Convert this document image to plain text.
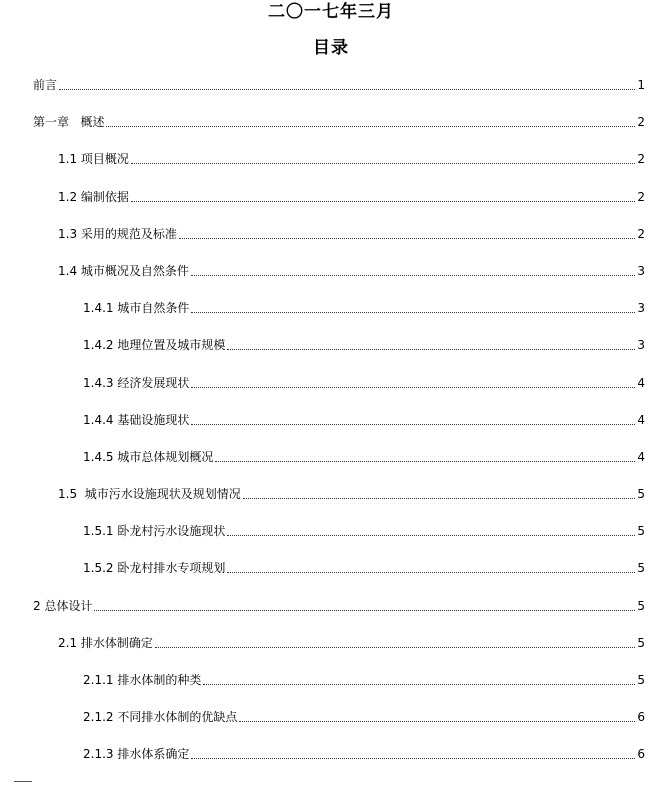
二〇一七年三月
目录
前言	1
第一章   概述	2
1.1 项目概况	2
1.2 编制依据	2
1.3 采用的规范及标准	2
1.4 城市概况及自然条件	3
1.4.1 城市自然条件	3
1.4.2 地理位置及城市规模	3
1.4.3 经济发展现状	4
1.4.4 基础设施现状	4
1.4.5 城市总体规划概况	4
1.5  城市污水设施现状及规划情况	5
1.5.1 卧龙村污水设施现状	5
1.5.2 卧龙村排水专项规划	5
2 总体设计	5
2.1 排水体制确定	5
2.1.1 排水体制的种类	5
2.1.2 不同排水体制的优缺点	6
2.1.3 排水体系确定	6
